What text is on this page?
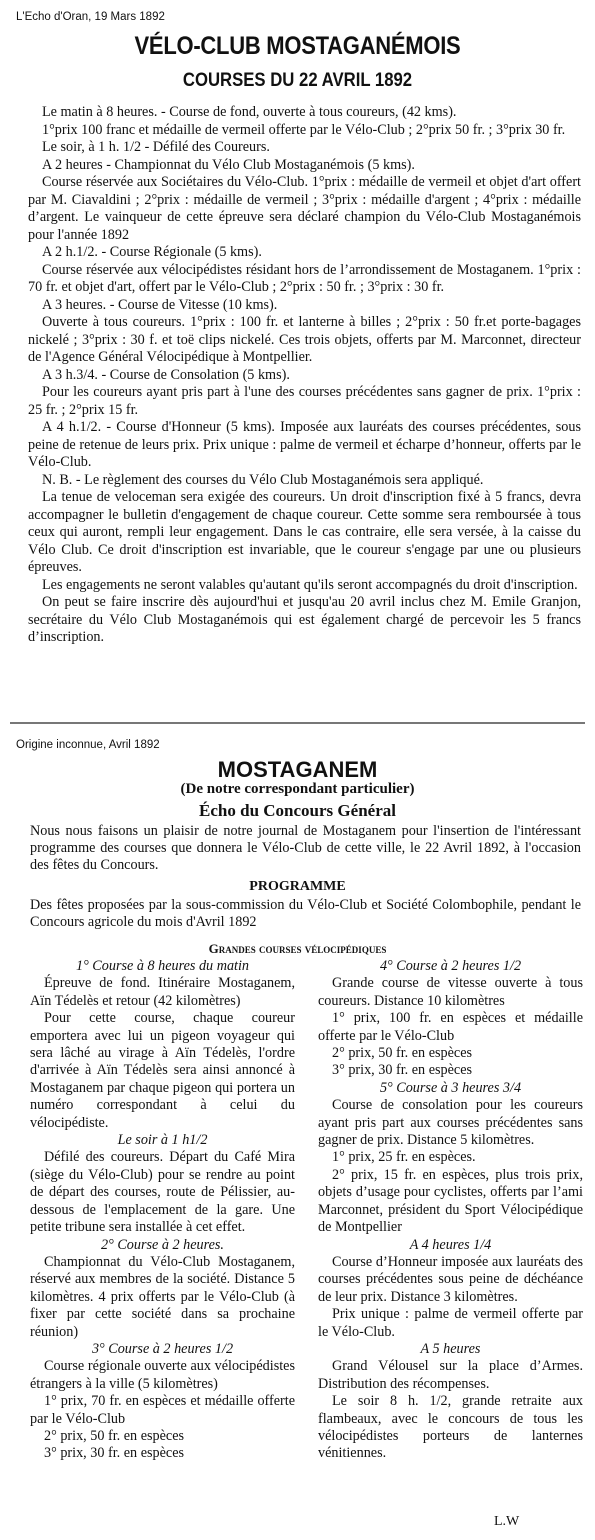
L'Echo d'Oran, 19 Mars 1892
VÉLO-CLUB MOSTAGANÉMOIS
COURSES DU 22 AVRIL 1892

Le matin à 8 heures. - Course de fond, ouverte à tous coureurs, (42 kms).

1°prix 100 franc et médaille de vermeil offerte par le Vélo-Club ; 2°prix 50 fr. ; 3°prix 30 fr.

Le soir, à 1 h. 1/2 - Défilé des Coureurs.

A 2 heures - Championnat du Vélo Club Mostaganémois (5 kms).

Course réservée aux Sociétaires du Vélo-Club. 1°prix : médaille de vermeil et objet d'art offert par M. Ciavaldini ; 2°prix : médaille de vermeil ; 3°prix : médaille d'argent ; 4°prix : médaille d’argent. Le vainqueur de cette épreuve sera déclaré champion du Vélo-Club Mostaganémois pour l'année 1892

A 2 h.1/2. - Course Régionale (5 kms).

Course réservée aux vélocipédistes résidant hors de l’arrondissement de Mostaganem. 1°prix : 70 fr. et objet d'art, offert par le Vélo-Club ; 2°prix : 50 fr. ; 3°prix : 30 fr.

A 3 heures. - Course de Vitesse (10 kms).

Ouverte à tous coureurs. 1°prix : 100 fr. et lanterne à billes ; 2°prix : 50 fr.et porte-bagages nickelé ; 3°prix : 30 f. et toë clips nickelé. Ces trois objets, offerts par M. Marconnet, directeur de l'Agence Général Vélocipédique à Montpellier.

A 3 h.3/4. - Course de Consolation (5 kms).

Pour les coureurs ayant pris part à l'une des courses précédentes sans gagner de prix. 1°prix : 25 fr. ; 2°prix 15 fr.

A 4 h.1/2. - Course d'Honneur (5 kms). Imposée aux lauréats des courses précédentes, sous peine de retenue de leurs prix. Prix unique : palme de vermeil et écharpe d’honneur, offerts par le Vélo-Club.

N. B. - Le règlement des courses du Vélo Club Mostaganémois sera appliqué.

La tenue de veloceman sera exigée des coureurs. Un droit d'inscription fixé à 5 francs, devra accompagner le bulletin d'engagement de chaque coureur. Cette somme sera remboursée à tous ceux qui auront, rempli leur engagement. Dans le cas contraire, elle sera versée, à la caisse du Vélo Club. Ce droit d'inscription est invariable, que le coureur s'engage par une ou plusieurs épreuves.

Les engagements ne seront valables qu'autant qu'ils seront accompagnés du droit d'inscription.

On peut se faire inscrire dès aujourd'hui et jusqu'au 20 avril inclus chez M. Emile Granjon, secrétaire du Vélo Club Mostaganémois qui est également chargé de percevoir les 5 francs d’inscription.

Origine inconnue, Avril 1892
MOSTAGANEM
(De notre correspondant particulier)
Écho du Concours Général
Nous nous faisons un plaisir de notre journal de Mostaganem pour l'insertion de l'intéressant programme des courses que donnera le Vélo-Club de cette ville, le 22 Avril 1892, à l'occasion des fêtes du Concours.
PROGRAMME
Des fêtes proposées par la sous-commission du Vélo-Club et Société Colombophile, pendant le Concours agricole du mois d'Avril 1892
Grandes courses vélocipédiques

1° Course à 8 heures du matin

Épreuve de fond. Itinéraire Mostaganem, Aïn Tédelès et retour (42 kilomètres)

Pour cette course, chaque coureur emportera avec lui un pigeon voyageur qui sera lâché au virage à Aïn Tédelès, l'ordre d'arrivée à Aïn Tédelès sera ainsi annoncé à Mostaganem par chaque pigeon qui portera un numéro correspondant à celui du vélocipédiste.

Le soir à 1 h1/2

Défilé des coureurs. Départ du Café Mira (siège du Vélo-Club) pour se rendre au point de départ des courses, route de Pélissier, au-dessous de l'emplacement de la gare. Une petite tribune sera installée à cet effet.

2° Course à 2 heures.

Championnat du Vélo-Club Mostaganem, réservé aux membres de la société. Distance 5 kilomètres. 4 prix offerts par le Vélo-Club (à fixer par cette société dans sa prochaine réunion)

3° Course à 2 heures 1/2

Course régionale ouverte aux vélocipédistes étrangers à la ville (5 kilomètres)

1° prix, 70 fr. en espèces et médaille offerte par le Vélo-Club

2° prix, 50 fr. en espèces

3° prix, 30 fr. en espèces

4° Course à 2 heures 1/2

Grande course de vitesse ouverte à tous coureurs. Distance 10 kilomètres

1° prix, 100 fr. en espèces et médaille offerte par le Vélo-Club

2° prix, 50 fr. en espèces

3° prix, 30 fr. en espèces

5° Course à 3 heures 3/4

Course de consolation pour les coureurs ayant pris part aux courses précédentes sans gagner de prix. Distance 5 kilomètres.

1° prix, 25 fr. en espèces.

2° prix, 15 fr. en espèces, plus trois prix, objets d’usage pour cyclistes, offerts par l’ami Marconnet, président du Sport Vélocipédique de Montpellier

A 4 heures 1/4

Course d’Honneur imposée aux lauréats des courses précédentes sous peine de déchéance de leur prix. Distance 3 kilomètres.

Prix unique : palme de vermeil offerte par le Vélo-Club.

A 5 heures

Grand Vélousel sur la place d’Armes. Distribution des récompenses.

Le soir 8 h. 1/2, grande retraite aux flambeaux, avec le concours de tous les vélocipédistes porteurs de lanternes vénitiennes.

L.W
